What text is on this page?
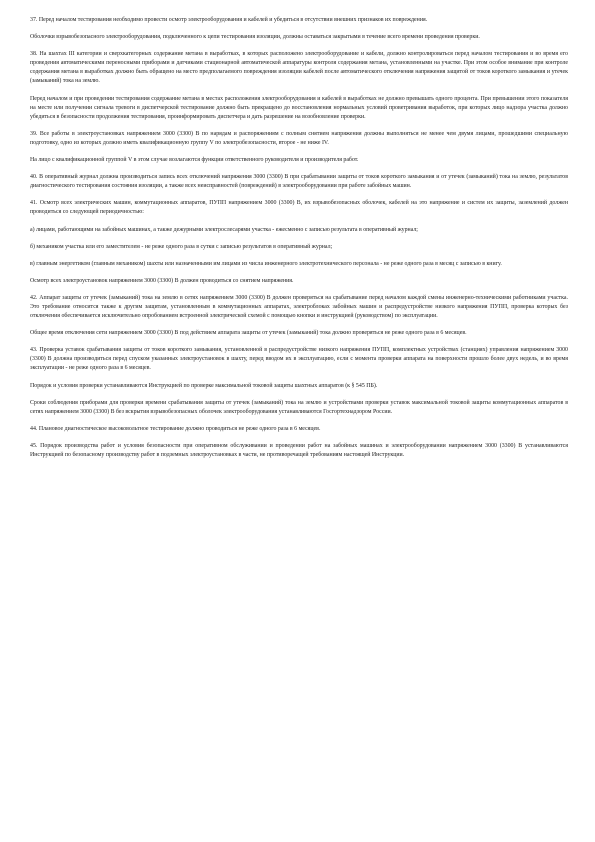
37. Перед началом тестирования необходимо провести осмотр электрооборудования и кабелей и убедиться в отсутствии внешних признаков их повреждения.

Оболочки взрывобезопасного электрооборудования, подключенного к цепи тестирования изоляции, должны оставаться закрытыми в течение всего времени проведения проверки.

38. На шахтах III категории и сверхкатегорных содержание метана в выработках, в которых расположено электрооборудование и кабели, должно контролироваться перед началом тестирования и во время его проведения автоматическими переносными приборами и датчиками стационарной автоматической аппаратуры контроля содержания метана, установленными на участке. При этом особое внимание при контроле содержания метана в выработках должно быть обращено на место предполагаемого повреждения изоляции кабелей после автоматического отключения напряжения защитой от токов короткого замыкания и утечек (замыканий) тока на землю.

Перед началом и при проведении тестирования содержание метана в местах расположения электрооборудования и кабелей в выработках не должно превышать одного процента. При превышении этого показателя на месте или получении сигнала тревоги в диспетчерской тестирование должно быть прекращено до восстановления нормальных условий проветривания выработок, при которых лицо надзора участка должно убедиться в безопасности продолжения тестирования, проинформировать диспетчера и дать разрешение на возобновление проверки.

39. Все работы в электроустановках напряжением 3000 (3300) В по нарядам и распоряжениям с полным снятием напряжения должны выполняться не менее чем двумя лицами, прошедшими специальную подготовку, одно из которых должно иметь квалификационную группу V по электробезопасности, второе - не ниже IV.

На лицо с квалификационной группой V в этом случае возлагаются функции ответственного руководителя и производителя работ.

40. В оперативный журнал должна производиться запись всех отключений напряжения 3000 (3300) В при срабатывании защиты от токов короткого замыкания и от утечек (замыканий) тока на землю, результатов диагностического тестирования состояния изоляции, а также всех неисправностей (повреждений) в электрооборудовании при работе забойных машин.

41. Осмотр всех электрических машин, коммутационных аппаратов, ПУПП напряжением 3000 (3300) В, их взрывобезопасных оболочек, кабелей на это напряжение и систем их защиты, заземлений должен проводиться со следующей периодичностью:

а) лицами, работающими на забойных машинах, а также дежурными электрослесарями участка - ежесменно с записью результата в оперативный журнал;

б) механиком участка или его заместителем - не реже одного раза в сутки с записью результатов в оперативный журнал;

в) главным энергетиком (главным механиком) шахты или назначенными им лицами из числа инженерного электротехнического персонала - не реже одного раза в месяц с записью в книгу.

Осмотр всех электроустановок напряжением 3000 (3300) В должен проводиться со снятием напряжения.

42. Аппарат защиты от утечек (замыканий) тока на землю в сетях напряжением 3000 (3300) В должен проверяться на срабатывание перед началом каждой смены инженерно-техническими работниками участка. Это требование относится также к другим защитам, установленным в коммутационных аппаратах, электроблоках забойных машин и распредустройстве низкого напряжения ПУПП, проверка которых без отключения обеспечивается исключительно опробованием встроенной электрической схемой с помощью кнопки и инструкцией (руководством) по эксплуатации.

Общее время отключения сети напряжением 3000 (3300) В под действием аппарата защиты от утечек (замыканий) тока должно проверяться не реже одного раза в 6 месяцев.

43. Проверка уставок срабатывания защиты от токов короткого замыкания, установленной в распредустройстве низкого напряжения ПУПП, комплектных устройствах (станциях) управления напряжением 3000 (3300) В должна производиться перед спуском указанных электроустановок в шахту, перед вводом их в эксплуатацию, если с момента проверки аппарата на поверхности прошло более двух недель, и во время эксплуатации - не реже одного раза в 6 месяцев.

Порядок и условия проверки устанавливаются Инструкцией по проверке максимальной токовой защиты шахтных аппаратов (к § 545 ПБ).

Сроки соблюдения приборами для проверки времени срабатывания защиты от утечек (замыканий) тока на землю и устройствами проверки уставок максимальной токовой защиты коммутационных аппаратов в сетях напряжением 3000 (3300) В без вскрытия взрывобезопасных оболочек электрооборудования устанавливаются Госгортехнадзором России.

44. Плановое диагностическое высоковольтное тестирование должно проводиться не реже одного раза в 6 месяцев.

45. Порядок производства работ и условия безопасности при оперативном обслуживании и проведении работ на забойных машинах и электрооборудовании напряжением 3000 (3300) В устанавливаются Инструкцией по безопасному производству работ в подземных электроустановках в части, не противоречащей требованиям настоящей Инструкции.
